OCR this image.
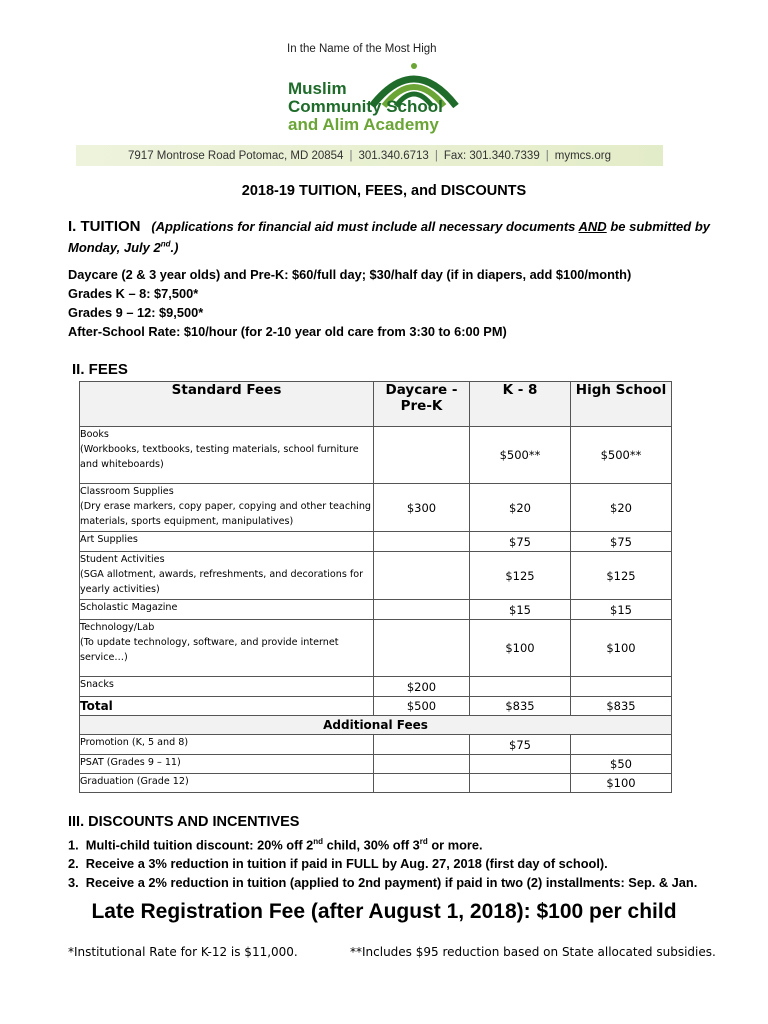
In the Name of the Most High
Muslim
Community School
and Alim Academy
7917 Montrose Road Potomac, MD 20854 | 301.340.6713 | Fax: 301.340.7339 | mymcs.org
2018-19 TUITION, FEES, and DISCOUNTS
I. TUITION (Applications for financial aid must include all necessary documents AND be submitted by Monday, July 2nd.)
Daycare (2 & 3 year olds) and Pre-K: $60/full day; $30/half day (if in diapers, add $100/month)
Grades K – 8: $7,500*
Grades 9 – 12: $9,500*
After-School Rate: $10/hour (for 2-10 year old care from 3:30 to 6:00 PM)
II. FEES
Standard Fees	Daycare - Pre-K	K - 8	High School

Books
(Workbooks, textbooks, testing materials, school furniture and whiteboards)		$500**	$500**

Classroom Supplies
(Dry erase markers, copy paper, copying and other teaching materials, sports equipment, manipulatives)	$300	$20	$20

Art Supplies		$75	$75

Student Activities
(SGA allotment, awards, refreshments, and decorations for yearly activities)		$125	$125

Scholastic Magazine		$15	$15

Technology/Lab
(To update technology, software, and provide internet service…)		$100	$100

Snacks	$200		
Total	$500	$835	$835
Additional Fees			
Promotion (K, 5 and 8)		$75	
PSAT (Grades 9 – 11)			$50
Graduation (Grade 12)			$100
III. DISCOUNTS AND INCENTIVES
1.  Multi-child tuition discount: 20% off 2nd child, 30% off 3rd or more.
2.  Receive a 3% reduction in tuition if paid in FULL by Aug. 27, 2018 (first day of school).
3.  Receive a 2% reduction in tuition (applied to 2nd payment) if paid in two (2) installments: Sep. & Jan.
Late Registration Fee (after August 1, 2018): $100 per child
*Institutional Rate for K-12 is $11,000.	**Includes $95 reduction based on State allocated subsidies.
